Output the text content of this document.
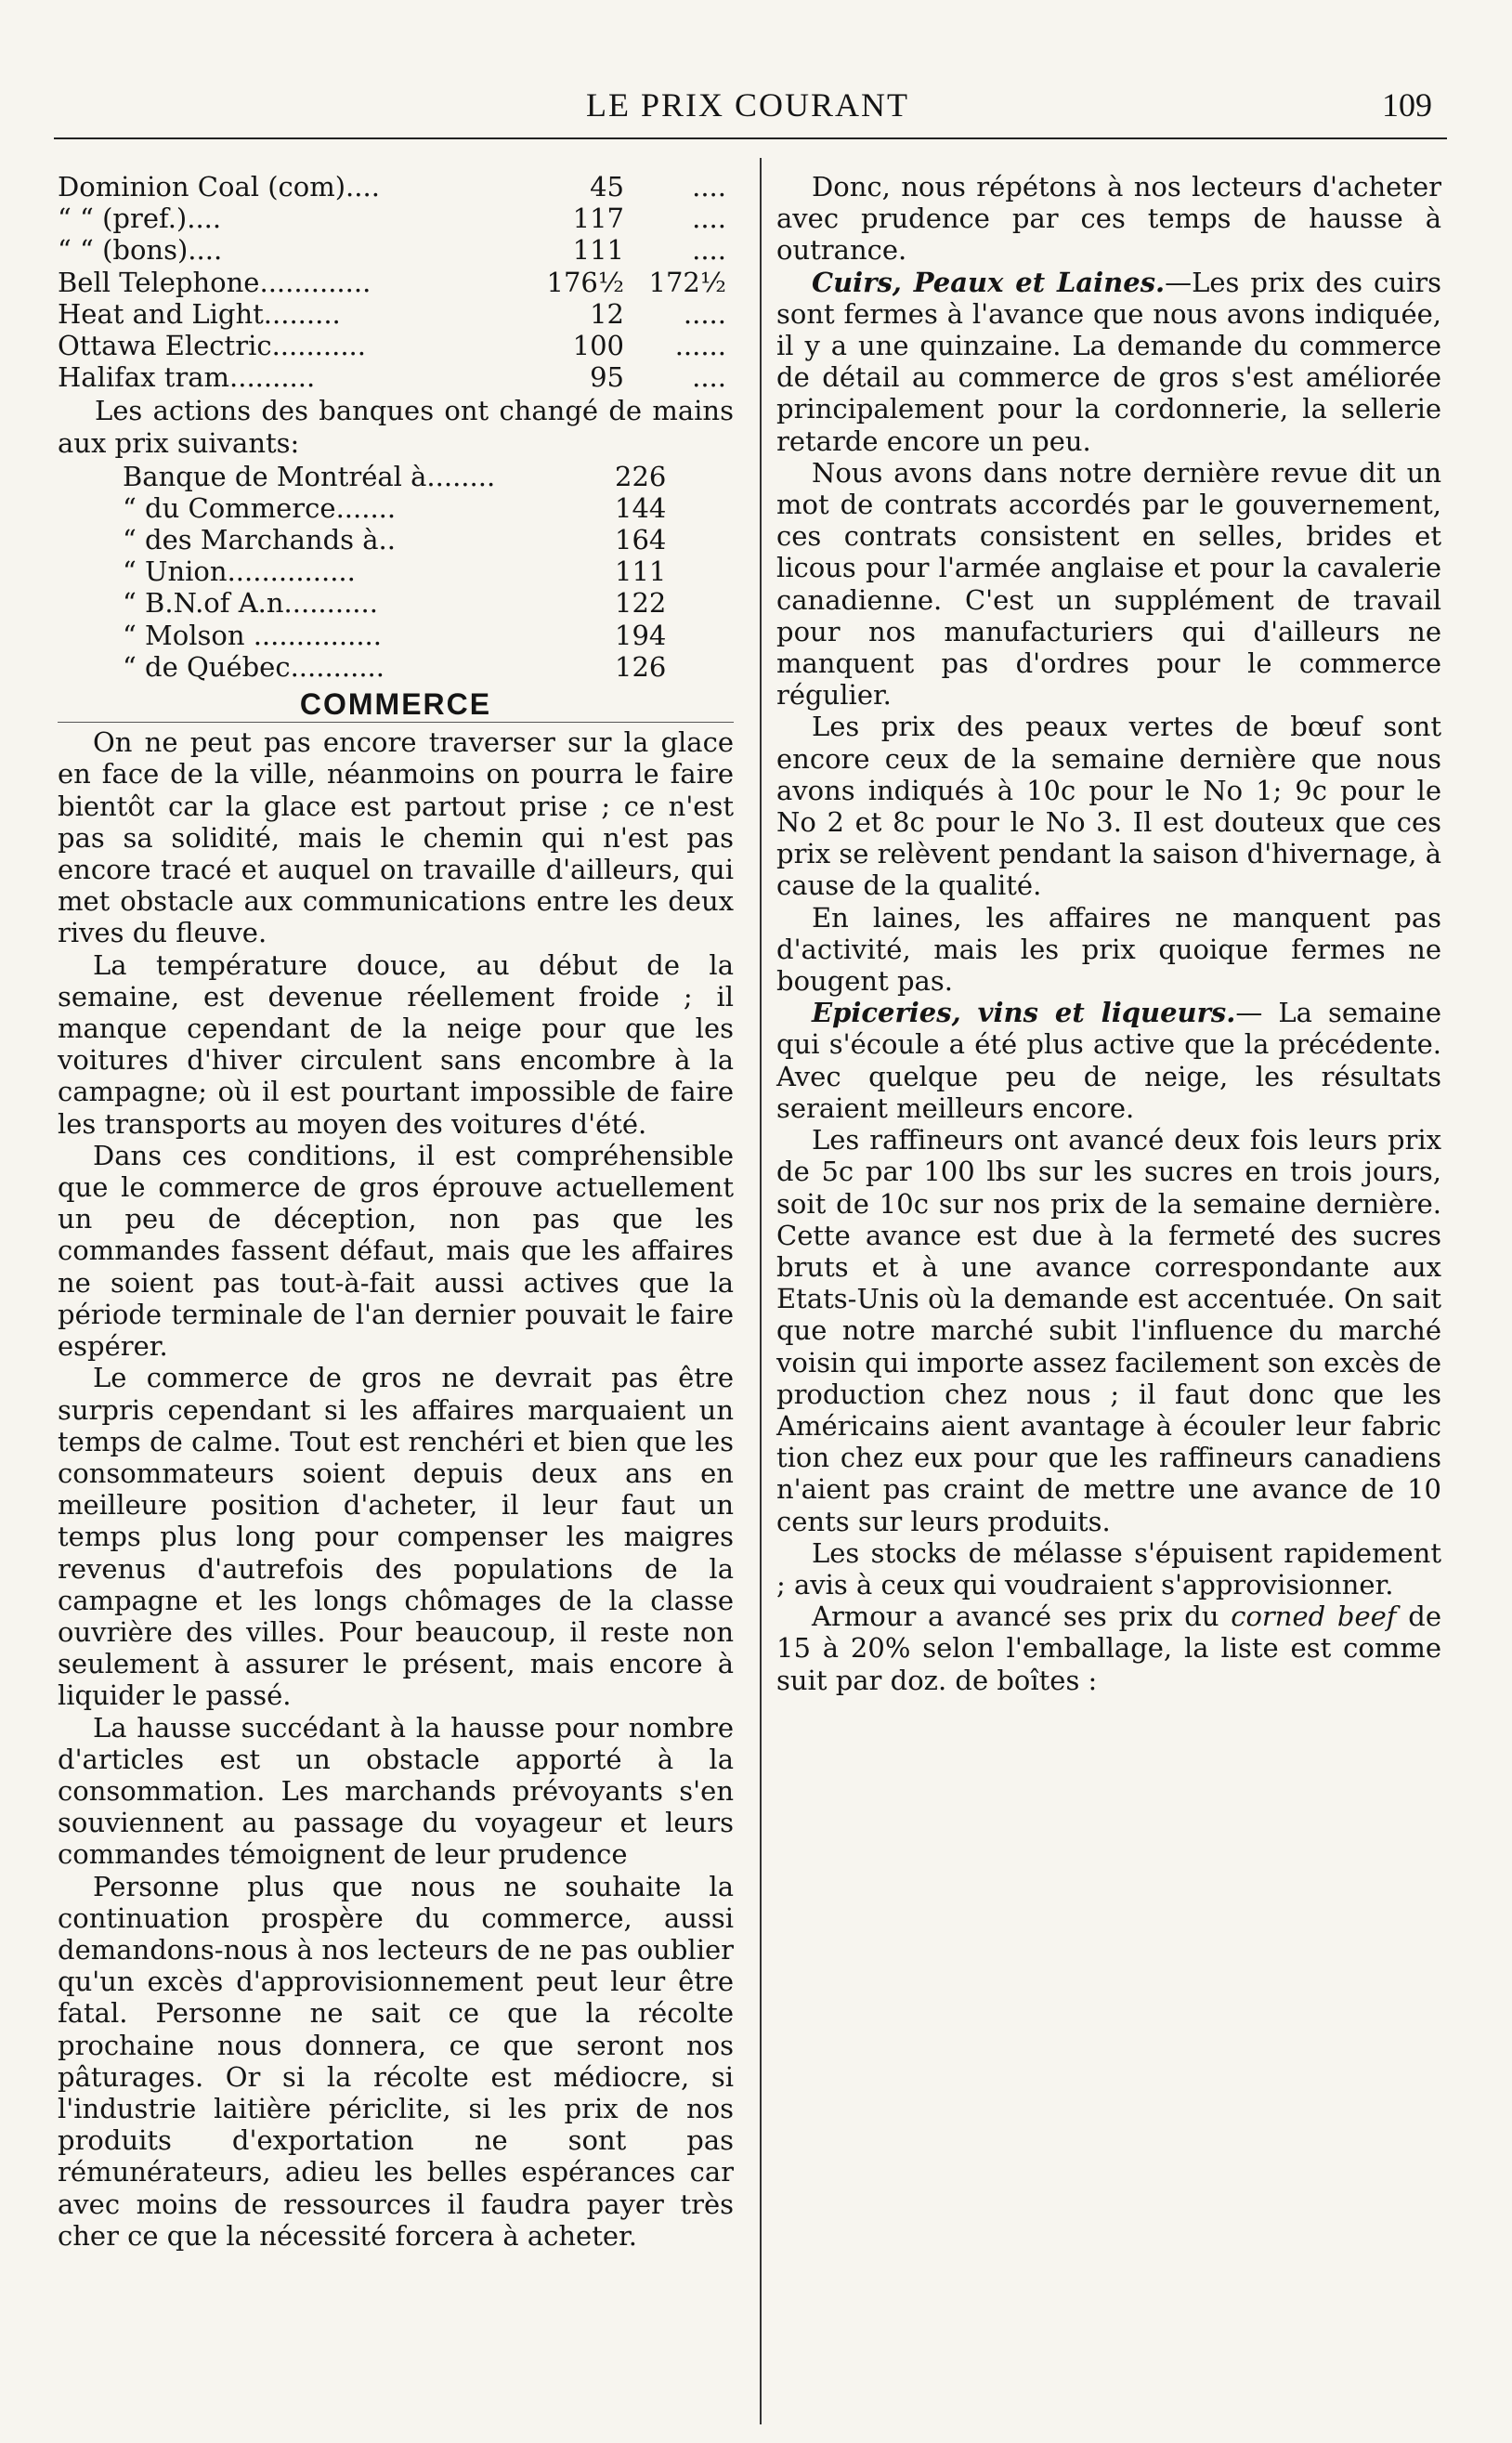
LE PRIX COURANT	109
Dominion Coal (com)....	45	....
“ “ (pref.)....	117	....
“ “ (bons)....	111	....
Bell Telephone.............	176½ 172½
Heat and Light.........	12	.....
Ottawa Electric...........	100	......
Halifax tram..........	95	....
Les actions des banques ont changé de mains aux prix suivants:
Banque de Montréal à........	226
“ du Commerce.......	144
“ des Marchands à..	164
“ Union...............	111
“ B.N.of A.n...........	122
“ Molson ...............	194
“ de Québec...........	126
COMMERCE

On ne peut pas encore traverser sur la glace en face de la ville, néanmoins on pourra le faire bientôt car la glace est partout prise ; ce n'est pas sa solidité, mais le chemin qui n'est pas encore tracé et auquel on travaille d'ailleurs, qui met obstacle aux communications entre les deux rives du fleuve.

La température douce, au début de la semaine, est devenue réellement froide ; il manque cependant de la neige pour que les voitures d'hiver circulent sans encombre à la campagne; où il est pourtant impossible de faire les transports au moyen des voitures d'été.

Dans ces conditions, il est compréhensible que le commerce de gros éprouve actuellement un peu de déception, non pas que les commandes fassent défaut, mais que les affaires ne soient pas tout-à-fait aussi actives que la période terminale de l'an dernier pouvait le faire espérer.

Le commerce de gros ne devrait pas être surpris cependant si les affaires marquaient un temps de calme. Tout est renchéri et bien que les consommateurs soient depuis deux ans en meilleure position d'acheter, il leur faut un temps plus long pour compenser les maigres revenus d'autrefois des populations de la campagne et les longs chômages de la classe ouvrière des villes. Pour beaucoup, il reste non seulement à assurer le présent, mais encore à liquider le passé.

La hausse succédant à la hausse pour nombre d'articles est un obstacle apporté à la consommation. Les marchands prévoyants s'en souviennent au passage du voyageur et leurs commandes témoignent de leur prudence

Personne plus que nous ne souhaite la continuation prospère du commerce, aussi demandons-nous à nos lecteurs de ne pas oublier qu'un excès d'approvisionnement peut leur être fatal. Personne ne sait ce que la récolte prochaine nous donnera, ce que seront nos pâturages. Or si la récolte est médiocre, si l'industrie laitière périclite, si les prix de nos produits d'exportation ne sont pas rémunérateurs, adieu les belles espérances car avec moins de ressources il faudra payer très cher ce que la nécessité forcera à acheter.

Donc, nous répétons à nos lecteurs d'acheter avec prudence par ces temps de hausse à outrance.

Cuirs, Peaux et Laines.—Les prix des cuirs sont fermes à l'avance que nous avons indiquée, il y a une quinzaine. La demande du commerce de détail au commerce de gros s'est améliorée principalement pour la cordonnerie, la sellerie retarde encore un peu.

Nous avons dans notre dernière revue dit un mot de contrats accordés par le gouvernement, ces contrats consistent en selles, brides et licous pour l'armée anglaise et pour la cavalerie canadienne. C'est un supplément de travail pour nos manufacturiers qui d'ailleurs ne manquent pas d'ordres pour le commerce régulier.

Les prix des peaux vertes de bœuf sont encore ceux de la semaine dernière que nous avons indiqués à 10c pour le No 1; 9c pour le No 2 et 8c pour le No 3. Il est douteux que ces prix se relèvent pendant la saison d'hivernage, à cause de la qualité.

En laines, les affaires ne manquent pas d'activité, mais les prix quoique fermes ne bougent pas.

Epiceries, vins et liqueurs.— La semaine qui s'écoule a été plus active que la précédente. Avec quelque peu de neige, les résultats seraient meilleurs encore.

Les raffineurs ont avancé deux fois leurs prix de 5c par 100 lbs sur les sucres en trois jours, soit de 10c sur nos prix de la semaine dernière. Cette avance est due à la fermeté des sucres bruts et à une avance correspondante aux Etats-Unis où la demande est accentuée. On sait que notre marché subit l'influence du marché voisin qui importe assez facilement son excès de production chez nous ; il faut donc que les Américains aient avantage à écouler leur fabric tion chez eux pour que les raffineurs canadiens n'aient pas craint de mettre une avance de 10 cents sur leurs produits.

Les stocks de mélasse s'épuisent rapidement ; avis à ceux qui voudraient s'approvisionner.

Armour a avancé ses prix du corned beef de 15 à 20% selon l'emballage, la liste est comme suit par doz. de boîtes :
